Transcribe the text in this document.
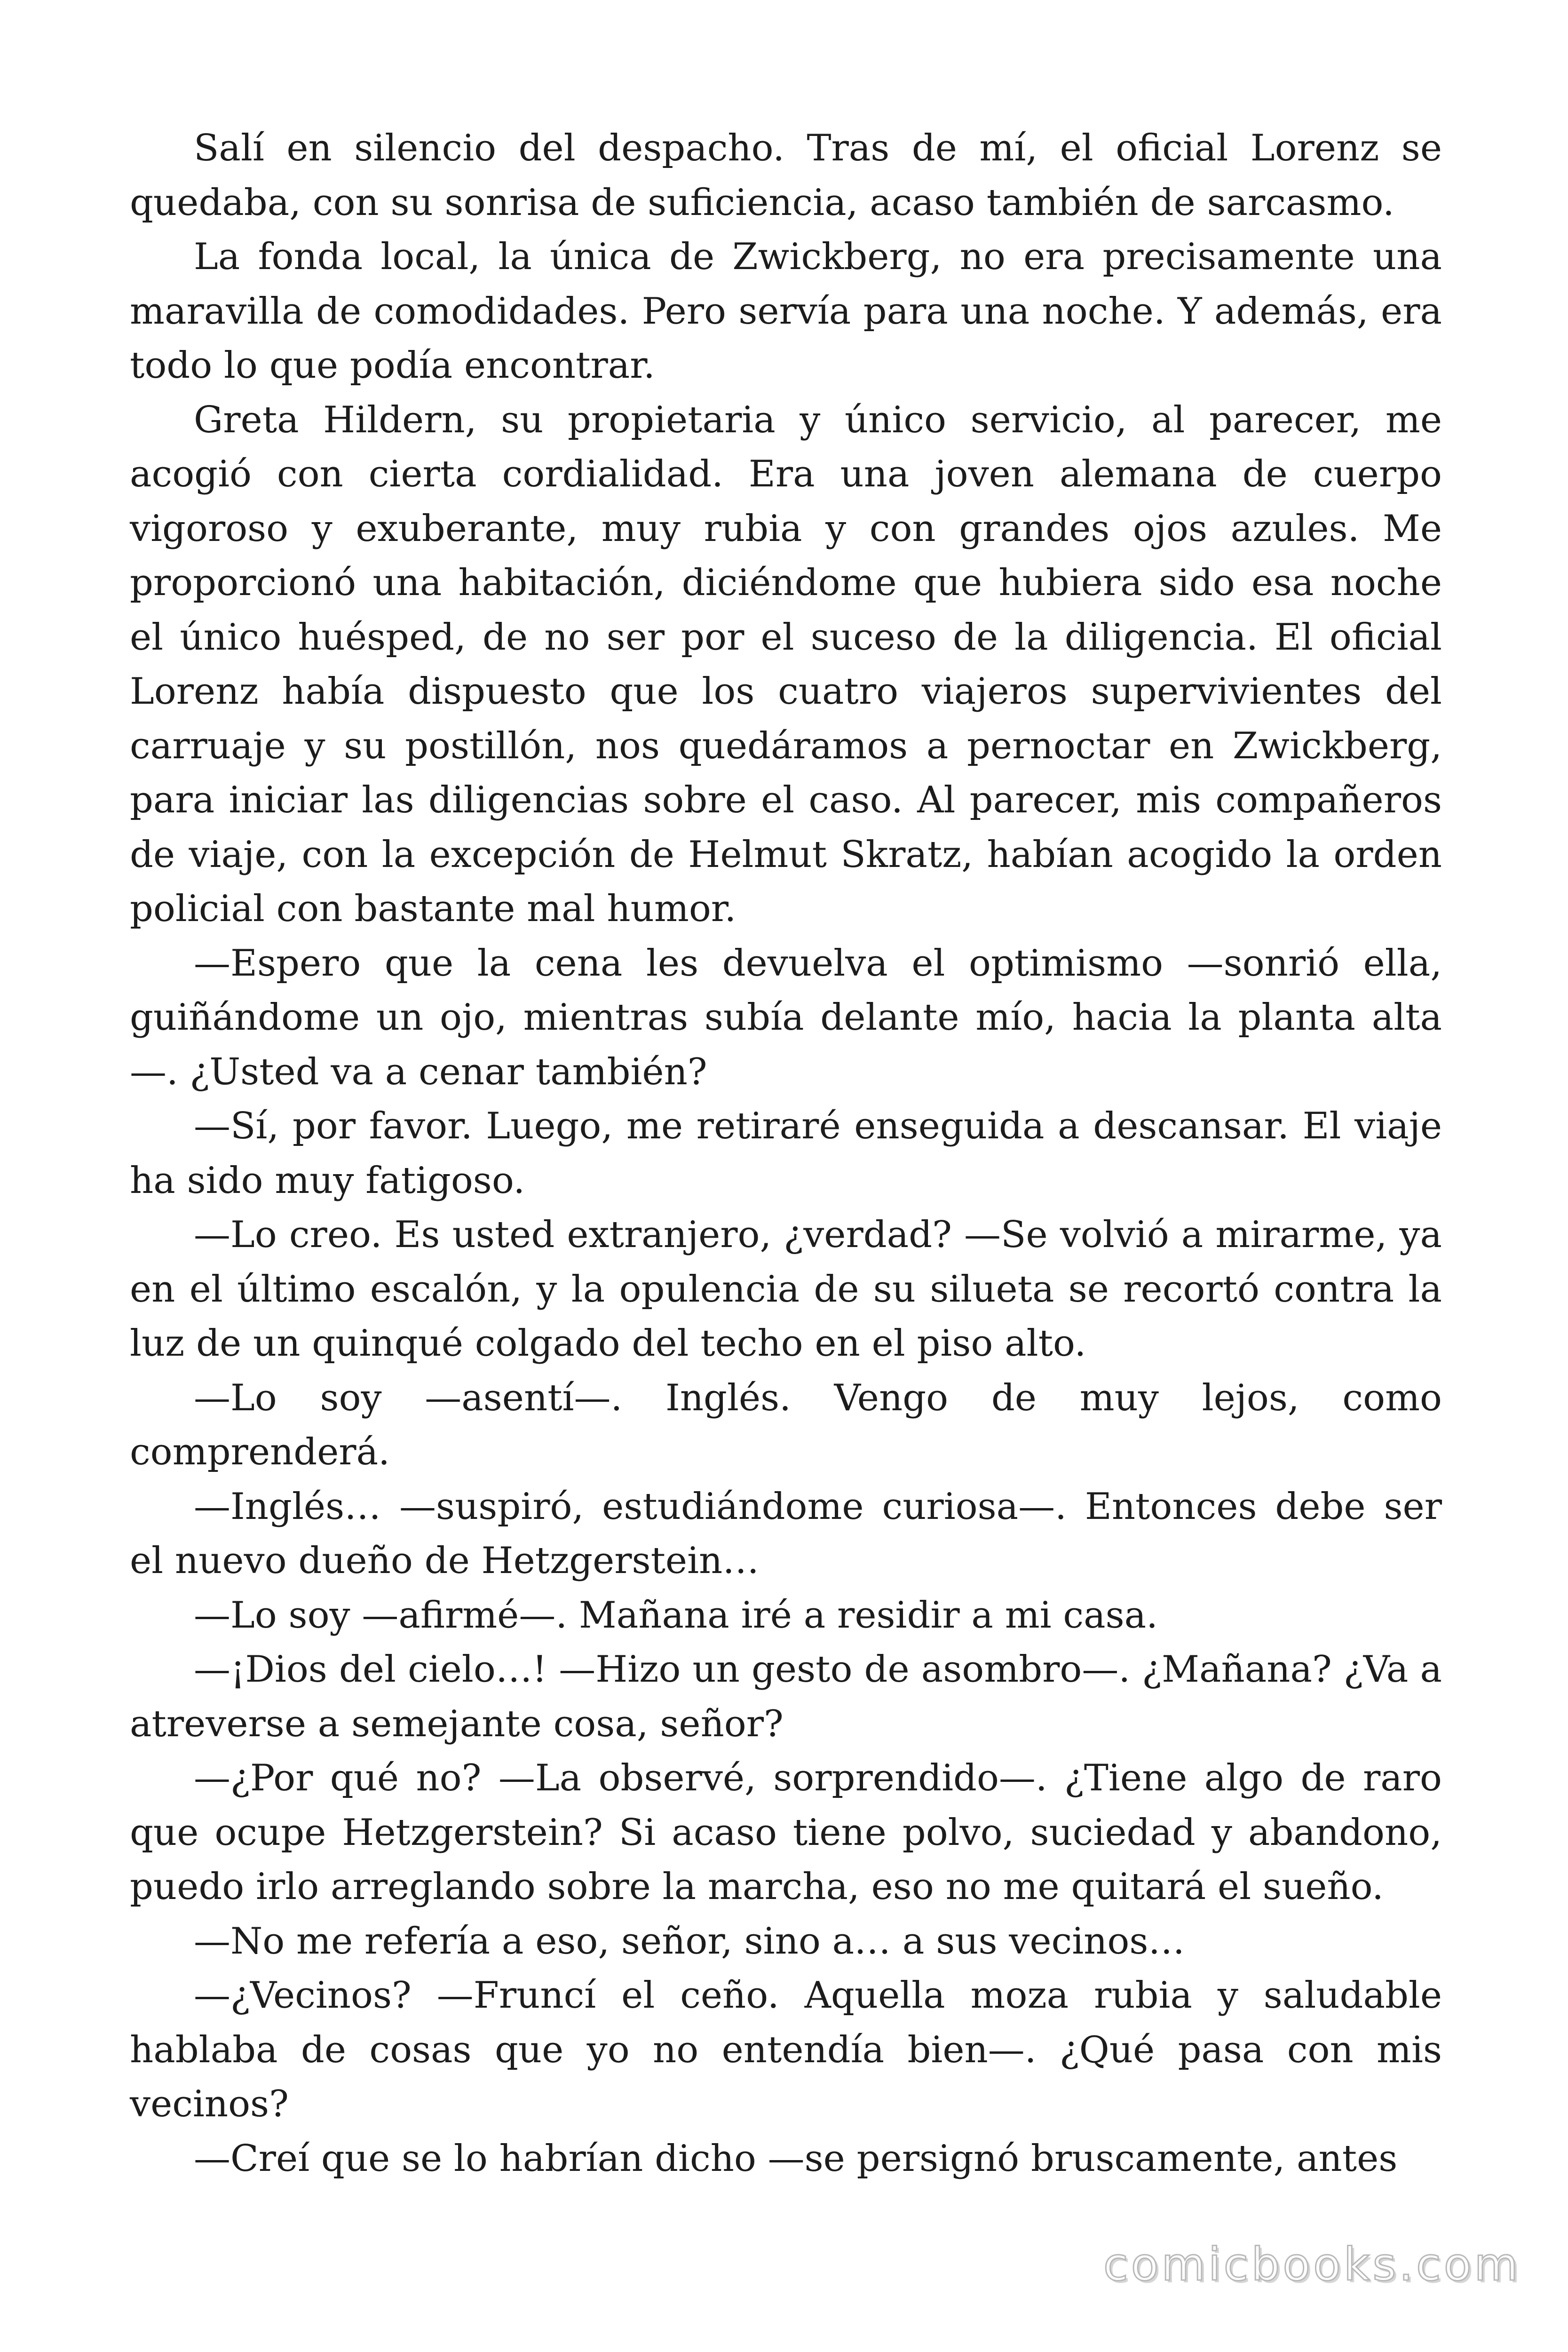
Salí en silencio del despacho. Tras de mí, el oficial Lorenz se quedaba, con su sonrisa de suficiencia, acaso también de sarcasmo.

La fonda local, la única de Zwickberg, no era precisamente una maravilla de comodidades. Pero servía para una noche. Y además, era todo lo que podía encontrar.

Greta Hildern, su propietaria y único servicio, al parecer, me acogió con cierta cordialidad. Era una joven alemana de cuerpo vigoroso y exuberante, muy rubia y con grandes ojos azules. Me proporcionó una habitación, diciéndome que hubiera sido esa noche el único huésped, de no ser por el suceso de la diligencia. El oficial Lorenz había dispuesto que los cuatro viajeros supervivientes del carruaje y su postillón, nos quedáramos a pernoctar en Zwickberg, para iniciar las diligencias sobre el caso. Al parecer, mis compañeros de viaje, con la excepción de Helmut Skratz, habían acogido la orden policial con bastante mal humor.

—Espero que la cena les devuelva el optimismo —sonrió ella, guiñándome un ojo, mientras subía delante mío, hacia la planta alta —. ¿Usted va a cenar también?

—Sí, por favor. Luego, me retiraré enseguida a descansar. El viaje ha sido muy fatigoso.

—Lo creo. Es usted extranjero, ¿verdad? —Se volvió a mirarme, ya en el último escalón, y la opulencia de su silueta se recortó contra la luz de un quinqué colgado del techo en el piso alto.

—Lo soy —asentí—. Inglés. Vengo de muy lejos, como comprenderá.

—Inglés… —suspiró, estudiándome curiosa—. Entonces debe ser el nuevo dueño de Hetzgerstein…

—Lo soy —afirmé—. Mañana iré a residir a mi casa.

—¡Dios del cielo…! —Hizo un gesto de asombro—. ¿Mañana? ¿Va a atreverse a semejante cosa, señor?

—¿Por qué no? —La observé, sorprendido—. ¿Tiene algo de raro que ocupe Hetzgerstein? Si acaso tiene polvo, suciedad y abandono, puedo irlo arreglando sobre la marcha, eso no me quitará el sueño.

—No me refería a eso, señor, sino a… a sus vecinos…

—¿Vecinos? —Fruncí el ceño. Aquella moza rubia y saludable hablaba de cosas que yo no entendía bien—. ¿Qué pasa con mis vecinos?

—Creí que se lo habrían dicho —se persignó bruscamente, antes

comicbooks.com
